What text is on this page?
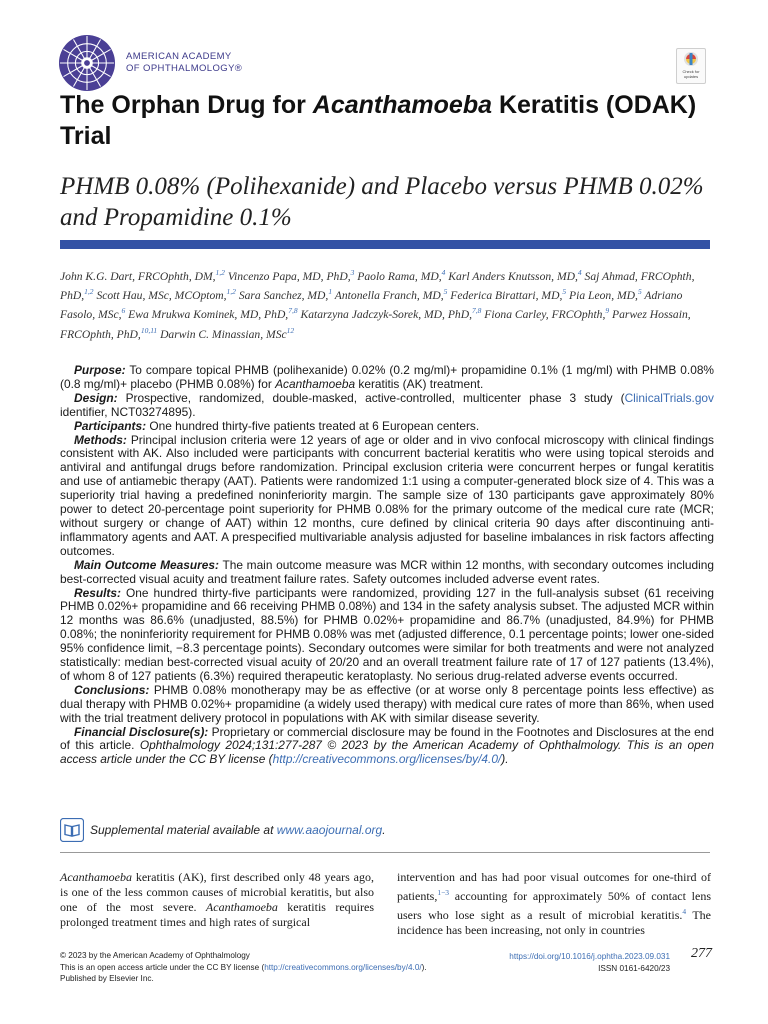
AMERICAN ACADEMY
OF OPHTHALMOLOGY®	Check for
updates
The Orphan Drug for Acanthamoeba Keratitis (ODAK) Trial
PHMB 0.08% (Polihexanide) and Placebo versus PHMB 0.02% and Propamidine 0.1%
John K.G. Dart, FRCOphth, DM,$^{1,2}$ Vincenzo Papa, MD, PhD,$^3$ Paolo Rama, MD,$^4$ Karl Anders Knutsson, MD,$^4$ Saj Ahmad, FRCOphth, PhD,$^{1,2}$ Scott Hau, MSc, MCOptom,$^{1,2}$ Sara Sanchez, MD,$^1$ Antonella Franch, MD,$^5$ Federica Birattari, MD,$^5$ Pia Leon, MD,$^5$ Adriano Fasolo, MSc,$^6$ Ewa Mrukwa Kominek, MD, PhD,$^{7,8}$ Katarzyna Jadczyk-Sorek, MD, PhD,$^{7,8}$ Fiona Carley, FRCOphth,$^9$ Parwez Hossain, FRCOphth, PhD,$^{10,11}$ Darwin C. Minassian, MSc$^{12}$

Purpose: To compare topical PHMB (polihexanide) 0.02% (0.2 mg/ml)+ propamidine 0.1% (1 mg/ml) with PHMB 0.08% (0.8 mg/ml)+ placebo (PHMB 0.08%) for Acanthamoeba keratitis (AK) treatment.

Design: Prospective, randomized, double-masked, active-controlled, multicenter phase 3 study (ClinicalTrials.gov identifier, NCT03274895).

Participants: One hundred thirty-five patients treated at 6 European centers.

Methods: Principal inclusion criteria were 12 years of age or older and in vivo confocal microscopy with clinical findings consistent with AK. Also included were participants with concurrent bacterial keratitis who were using topical steroids and antiviral and antifungal drugs before randomization. Principal exclusion criteria were concurrent herpes or fungal keratitis and use of antiamebic therapy (AAT). Patients were randomized 1:1 using a computer-generated block size of 4. This was a superiority trial having a predefined noninferiority margin. The sample size of 130 participants gave approximately 80% power to detect 20-percentage point superiority for PHMB 0.08% for the primary outcome of the medical cure rate (MCR; without surgery or change of AAT) within 12 months, cure defined by clinical criteria 90 days after discontinuing anti-inflammatory agents and AAT. A prespecified multivariable analysis adjusted for baseline imbalances in risk factors affecting outcomes.

Main Outcome Measures: The main outcome measure was MCR within 12 months, with secondary outcomes including best-corrected visual acuity and treatment failure rates. Safety outcomes included adverse event rates.

Results: One hundred thirty-five participants were randomized, providing 127 in the full-analysis subset (61 receiving PHMB 0.02%+ propamidine and 66 receiving PHMB 0.08%) and 134 in the safety analysis subset. The adjusted MCR within 12 months was 86.6% (unadjusted, 88.5%) for PHMB 0.02%+ propamidine and 86.7% (unadjusted, 84.9%) for PHMB 0.08%; the noninferiority requirement for PHMB 0.08% was met (adjusted difference, 0.1 percentage points; lower one-sided 95% confidence limit, −8.3 percentage points). Secondary outcomes were similar for both treatments and were not analyzed statistically: median best-corrected visual acuity of 20/20 and an overall treatment failure rate of 17 of 127 patients (13.4%), of whom 8 of 127 patients (6.3%) required therapeutic keratoplasty. No serious drug-related adverse events occurred.

Conclusions: PHMB 0.08% monotherapy may be as effective (or at worse only 8 percentage points less effective) as dual therapy with PHMB 0.02%+ propamidine (a widely used therapy) with medical cure rates of more than 86%, when used with the trial treatment delivery protocol in populations with AK with similar disease severity.

Financial Disclosure(s): Proprietary or commercial disclosure may be found in the Footnotes and Disclosures at the end of this article. Ophthalmology 2024;131:277-287 © 2023 by the American Academy of Ophthalmology. This is an open access article under the CC BY license (http://creativecommons.org/licenses/by/4.0/).

Supplemental material available at www.aaojournal.org.
Acanthamoeba keratitis (AK), first described only 48 years ago, is one of the less common causes of microbial keratitis, but also one of the most severe. Acanthamoeba keratitis requires prolonged treatment times and high rates of surgical
intervention and has had poor visual outcomes for one-third of patients,$^{1-3}$ accounting for approximately 50% of contact lens users who lose sight as a result of microbial keratitis.$^4$ The incidence has been increasing, not only in countries
© 2023 by the American Academy of Ophthalmology
This is an open access article under the CC BY license (http://creativecommons.org/licenses/by/4.0/). Published by Elsevier Inc.
https://doi.org/10.1016/j.ophtha.2023.09.031
ISSN 0161-6420/23
277
